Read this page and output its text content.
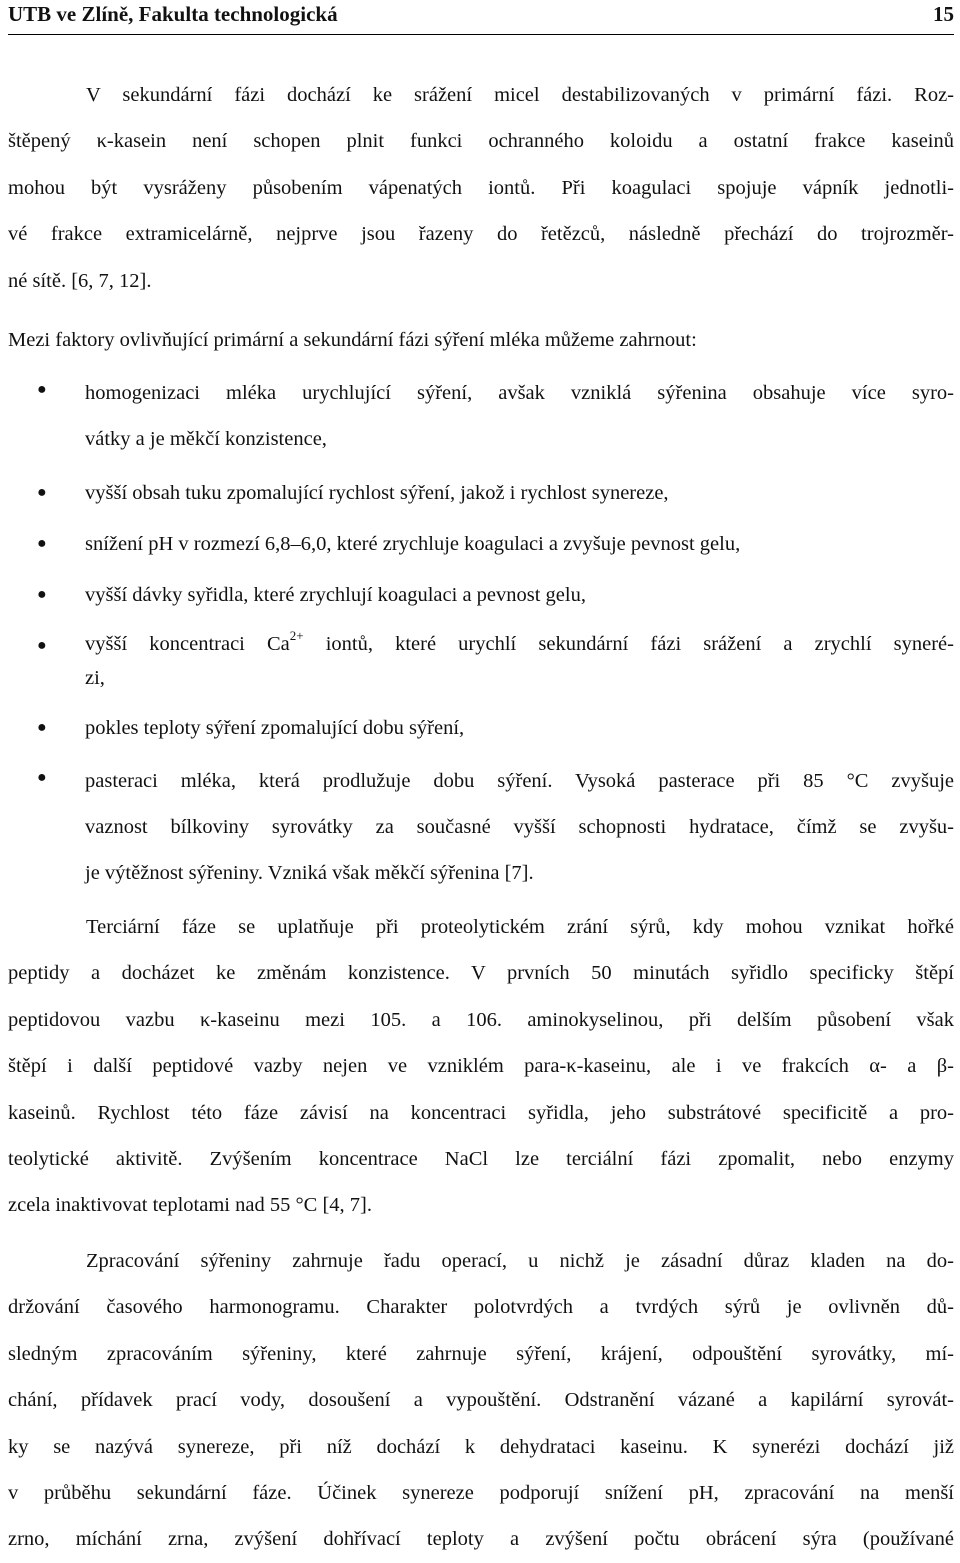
UTB ve Zlíně, Fakulta technologická	15
V sekundární fázi dochází ke srážení micel destabilizovaných v primární fázi. Roz-
štěpený κ-kasein není schopen plnit funkci ochranného koloidu a ostatní frakce kaseinů
mohou být vysráženy působením vápenatých iontů. Při koagulaci spojuje vápník jednotli-
vé frakce extramicelárně, nejprve jsou řazeny do řetězců, následně přechází do trojrozměr-
né sítě. [6, 7, 12].

Mezi faktory ovlivňující primární a sekundární fázi sýření mléka můžeme zahrnout:

● homogenizaci mléka urychlující sýření, avšak vzniklá sýřenina obsahuje více syro-
vátky a je měkčí konzistence,
● vyšší obsah tuku zpomalující rychlost sýření, jakož i rychlost synereze,
● snížení pH v rozmezí 6,8–6,0, které zrychluje koagulaci a zvyšuje pevnost gelu,
● vyšší dávky syřidla, které zrychlují koagulaci a pevnost gelu,
● vyšší koncentraci $Ca^{2+}$ iontů, které urychlí sekundární fázi srážení a zrychlí syneré-
zi,
● pokles teploty sýření zpomalující dobu sýření,
● pasteraci mléka, která prodlužuje dobu sýření. Vysoká pasterace při 85 °C zvyšuje
vaznost bílkoviny syrovátky za současné vyšší schopnosti hydratace, čímž se zvyšu-
je výtěžnost sýřeniny. Vzniká však měkčí sýřenina [7].
Terciární fáze se uplatňuje při proteolytickém zrání sýrů, kdy mohou vznikat hořké
peptidy a docházet ke změnám konzistence. V prvních 50 minutách syřidlo specificky štěpí
peptidovou vazbu κ-kaseinu mezi 105. a 106. aminokyselinou, při delším působení však
štěpí i další peptidové vazby nejen ve vzniklém para-κ-kaseinu, ale i ve frakcích α- a β-
kaseinů. Rychlost této fáze závisí na koncentraci syřidla, jeho substrátové specificitě a pro-
teolytické aktivitě. Zvýšením koncentrace NaCl lze terciální fázi zpomalit, nebo enzymy
zcela inaktivovat teplotami nad 55 °C [4, 7].
Zpracování sýřeniny zahrnuje řadu operací, u nichž je zásadní důraz kladen na do-
držování časového harmonogramu. Charakter polotvrdých a tvrdých sýrů je ovlivněn dů-
sledným zpracováním sýřeniny, které zahrnuje sýření, krájení, odpouštění syrovátky, mí-
chání, přídavek prací vody, dosoušení a vypouštění. Odstranění vázané a kapilární syrovát-
ky se nazývá synereze, při níž dochází k dehydrataci kaseinu. K synerézi dochází již
v průběhu sekundární fáze. Účinek synereze podporují snížení pH, zpracování na menší
zrno, míchání zrna, zvýšení dohřívací teploty a zvýšení počtu obrácení sýra (používané
